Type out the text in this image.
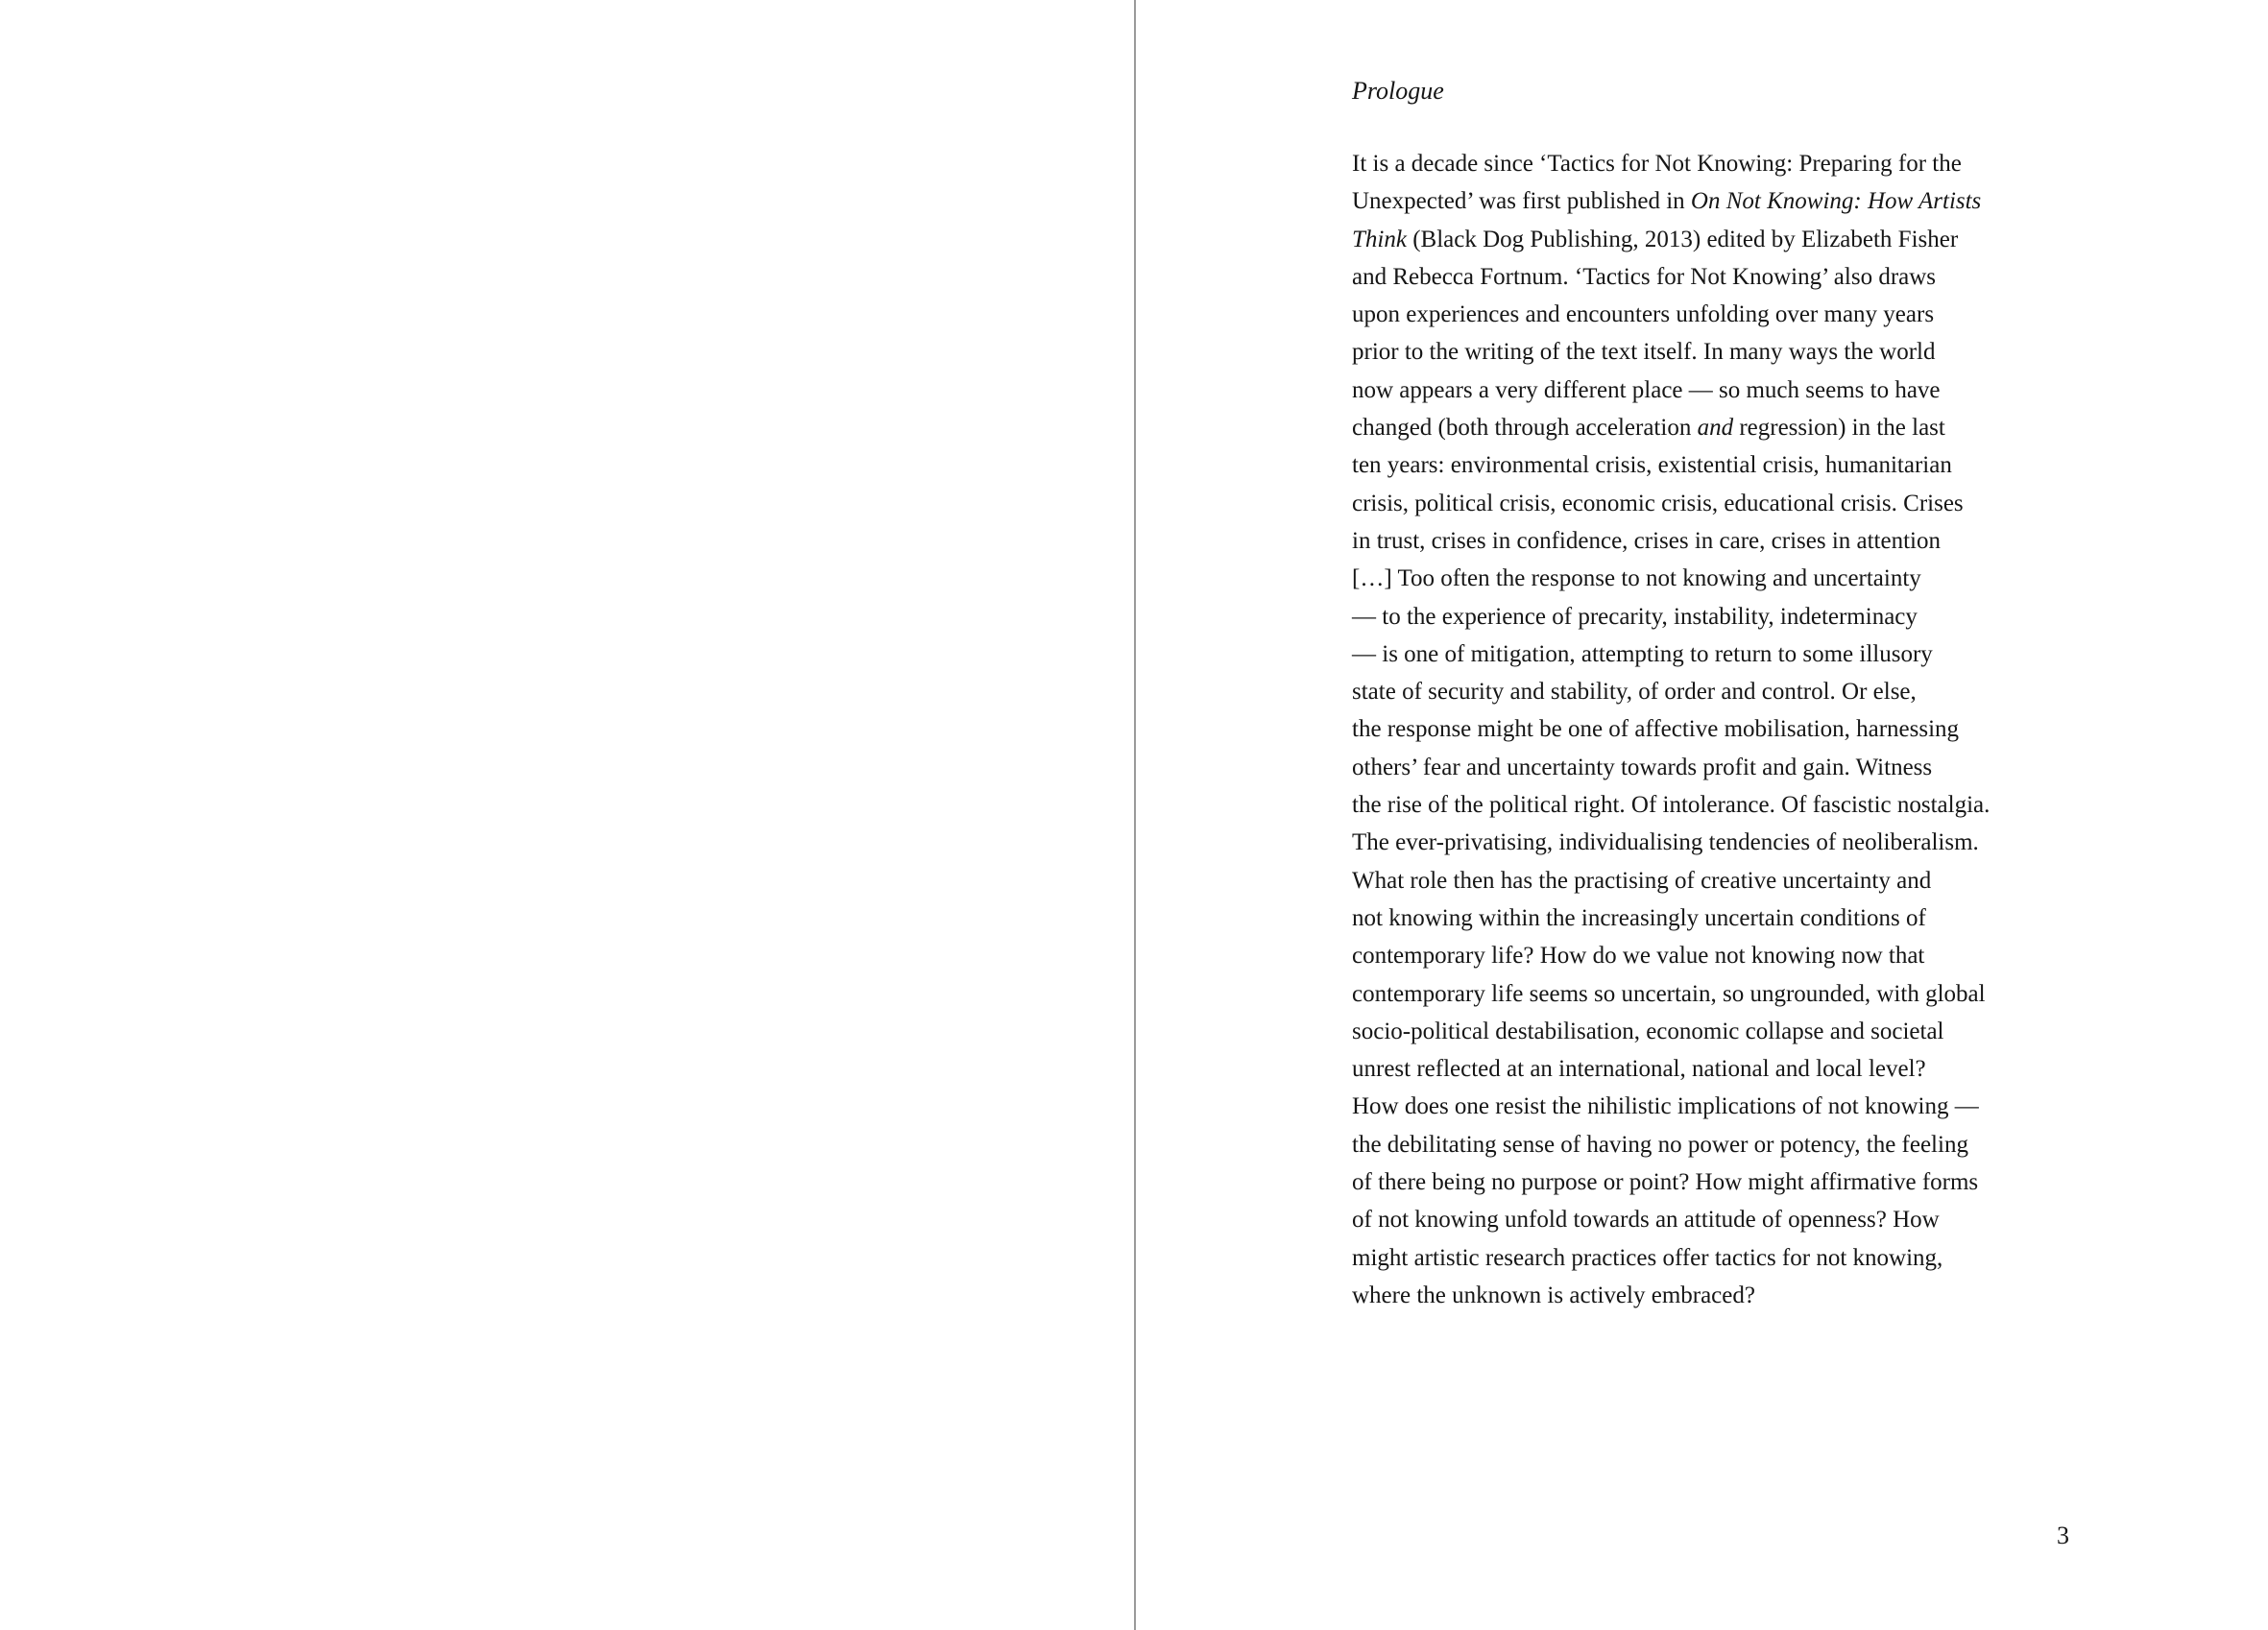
Prologue
It is a decade since ‘Tactics for Not Knowing: Preparing for the
Unexpected’ was first published in On Not Knowing: How Artists
Think (Black Dog Publishing, 2013) edited by Elizabeth Fisher
and Rebecca Fortnum. ‘Tactics for Not Knowing’ also draws
upon experiences and encounters unfolding over many years
prior to the writing of the text itself. In many ways the world
now appears a very different place — so much seems to have
changed (both through acceleration and regression) in the last
ten years: environmental crisis, existential crisis, humanitarian
crisis, political crisis, economic crisis, educational crisis. Crises
in trust, crises in confidence, crises in care, crises in attention
[…] Too often the response to not knowing and uncertainty
— to the experience of precarity, instability, indeterminacy
— is one of mitigation, attempting to return to some illusory
state of security and stability, of order and control. Or else,
the response might be one of affective mobilisation, harnessing
others’ fear and uncertainty towards profit and gain. Witness
the rise of the political right. Of intolerance. Of fascistic nostalgia.
The ever-privatising, individualising tendencies of neoliberalism.
What role then has the practising of creative uncertainty and
not knowing within the increasingly uncertain conditions of
contemporary life? How do we value not knowing now that
contemporary life seems so uncertain, so ungrounded, with global
socio-political destabilisation, economic collapse and societal
unrest reflected at an international, national and local level?
How does one resist the nihilistic implications of not knowing —
the debilitating sense of having no power or potency, the feeling
of there being no purpose or point? How might affirmative forms
of not knowing unfold towards an attitude of openness? How
might artistic research practices offer tactics for not knowing,
where the unknown is actively embraced?
3
